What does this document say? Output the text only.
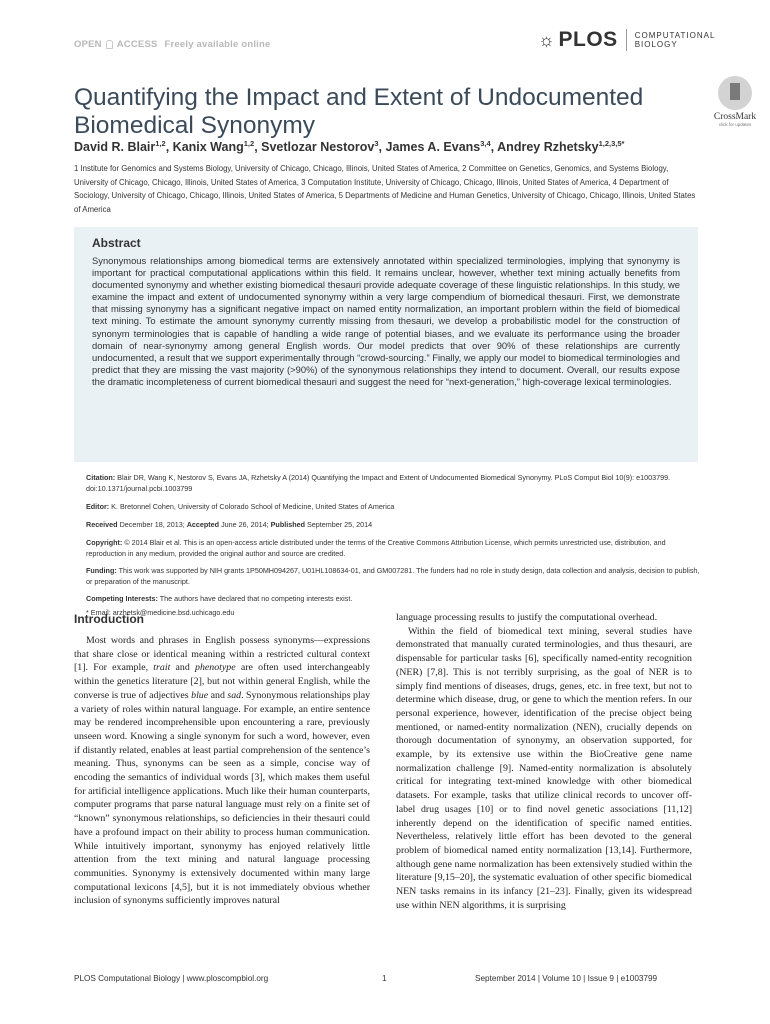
OPEN ACCESS Freely available online	☼ PLOS COMPUTATIONAL
BIOLOGY
Quantifying the Impact and Extent of Undocumented Biomedical Synonymy	CrossMark
click for updates
David R. Blair$^{1,2}$, Kanix Wang$^{1,2}$, Svetlozar Nestorov$^3$, James A. Evans$^{3,4}$, Andrey Rzhetsky$^{1,2,3,5*}$
1 Institute for Genomics and Systems Biology, University of Chicago, Chicago, Illinois, United States of America, 2 Committee on Genetics, Genomics, and Systems Biology, University of Chicago, Chicago, Illinois, United States of America, 3 Computation Institute, University of Chicago, Chicago, Illinois, United States of America, 4 Department of Sociology, University of Chicago, Chicago, Illinois, United States of America, 5 Departments of Medicine and Human Genetics, University of Chicago, Chicago, Illinois, United States of America
Abstract

Synonymous relationships among biomedical terms are extensively annotated within specialized terminologies, implying that synonymy is important for practical computational applications within this field. It remains unclear, however, whether text mining actually benefits from documented synonymy and whether existing biomedical thesauri provide adequate coverage of these linguistic relationships. In this study, we examine the impact and extent of undocumented synonymy within a very large compendium of biomedical thesauri. First, we demonstrate that missing synonymy has a significant negative impact on named entity normalization, an important problem within the field of biomedical text mining. To estimate the amount synonymy currently missing from thesauri, we develop a probabilistic model for the construction of synonym terminologies that is capable of handling a wide range of potential biases, and we evaluate its performance using the broader domain of near-synonymy among general English words. Our model predicts that over 90% of these relationships are currently undocumented, a result that we support experimentally through “crowd-sourcing.” Finally, we apply our model to biomedical terminologies and predict that they are missing the vast majority (>90%) of the synonymous relationships they intend to document. Overall, our results expose the dramatic incompleteness of current biomedical thesauri and suggest the need for “next-generation,” high-coverage lexical terminologies.

Citation: Blair DR, Wang K, Nestorov S, Evans JA, Rzhetsky A (2014) Quantifying the Impact and Extent of Undocumented Biomedical Synonymy. PLoS Comput Biol 10(9): e1003799. doi:10.1371/journal.pcbi.1003799
Editor: K. Bretonnel Cohen, University of Colorado School of Medicine, United States of America
Received December 18, 2013; Accepted June 26, 2014; Published September 25, 2014
Copyright: © 2014 Blair et al. This is an open-access article distributed under the terms of the Creative Commons Attribution License, which permits unrestricted use, distribution, and reproduction in any medium, provided the original author and source are credited.
Funding: This work was supported by NIH grants 1P50MH094267, U01HL108634-01, and GM007281. The funders had no role in study design, data collection and analysis, decision to publish, or preparation of the manuscript.
Competing Interests: The authors have declared that no competing interests exist.
* Email: arzhetsk@medicine.bsd.uchicago.edu
Introduction

Most words and phrases in English possess synonyms—expressions that share close or identical meaning within a restricted cultural context [1]. For example, trait and phenotype are often used interchangeably within the genetics literature [2], but not within general English, while the converse is true of adjectives blue and sad. Synonymous relationships play a variety of roles within natural language. For example, an entire sentence may be rendered incomprehensible upon encountering a rare, previously unseen word. Knowing a single synonym for such a word, however, even if distantly related, enables at least partial comprehension of the sentence’s meaning. Thus, synonyms can be seen as a simple, concise way of encoding the semantics of individual words [3], which makes them useful for artificial intelligence applications. Much like their human counterparts, computer programs that parse natural language must rely on a finite set of “known” synonymous relationships, so deficiencies in their thesauri could have a profound impact on their ability to process human communication. While intuitively important, synonymy has enjoyed relatively little attention from the text mining and natural language processing communities. Synonymy is extensively documented within many large computational lexicons [4,5], but it is not immediately obvious whether inclusion of synonyms sufficiently improves natural

language processing results to justify the computational overhead.

Within the field of biomedical text mining, several studies have demonstrated that manually curated terminologies, and thus thesauri, are dispensable for particular tasks [6], specifically named-entity recognition (NER) [7,8]. This is not terribly surprising, as the goal of NER is to simply find mentions of diseases, drugs, genes, etc. in free text, but not to determine which disease, drug, or gene to which the mention refers. In our personal experience, however, identification of the precise object being mentioned, or named-entity normalization (NEN), crucially depends on thorough documentation of synonymy, an observation supported, for example, by its extensive use within the BioCreative gene name normalization challenge [9]. Named-entity normalization is absolutely critical for integrating text-mined knowledge with other biomedical datasets. For example, tasks that utilize clinical records to uncover off-label drug usages [10] or to find novel genetic associations [11,12] inherently depend on the identification of specific named entities. Nevertheless, relatively little effort has been devoted to the general problem of biomedical named entity normalization [13,14]. Furthermore, although gene name normalization has been extensively studied within the literature [9,15–20], the systematic evaluation of other specific biomedical NEN tasks remains in its infancy [21–23]. Finally, given its widespread use within NEN algorithms, it is surprising

PLOS Computational Biology | www.ploscompbiol.org	1	September 2014 | Volume 10 | Issue 9 | e1003799
